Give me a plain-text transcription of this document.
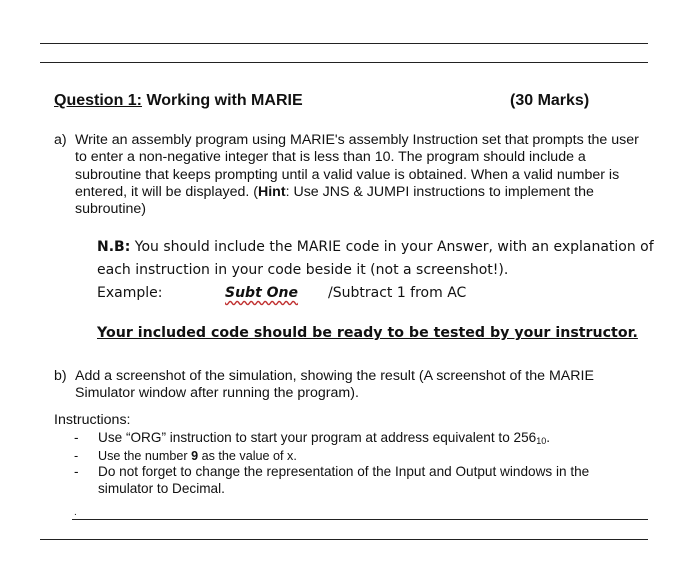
Question 1: Working with MARIE	(30 Marks)
a) Write an assembly program using MARIE's assembly Instruction set that prompts the user to enter a non-negative integer that is less than 10. The program should include a subroutine that keeps prompting until a valid value is obtained. When a valid number is entered, it will be displayed. (Hint: Use JNS & JUMPI instructions to implement the subroutine)
N.B: You should include the MARIE code in your Answer, with an explanation of each instruction in your code beside it (not a screenshot!).
Example:	Subt One /Subtract 1 from AC
Your included code should be ready to be tested by your instructor.
b) Add a screenshot of the simulation, showing the result (A screenshot of the MARIE Simulator window after running the program).
Instructions:
- Use “ORG” instruction to start your program at address equivalent to $256_{10}$.
- Use the number 9 as the value of x.
- Do not forget to change the representation of the Input and Output windows in the simulator to Decimal.
.
